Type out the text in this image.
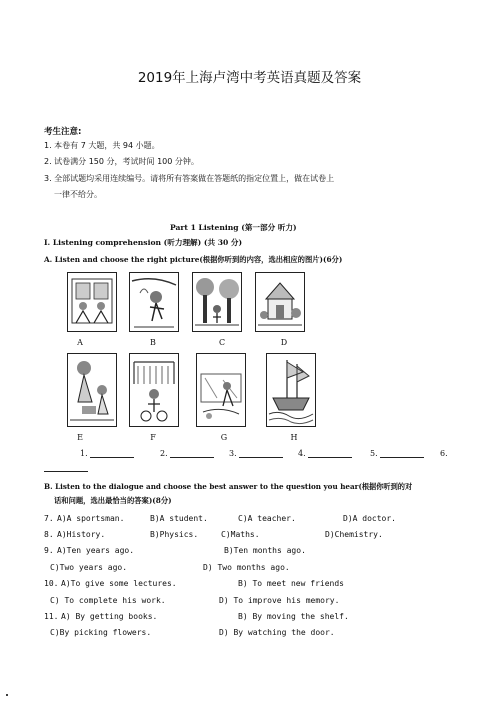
2019年上海卢湾中考英语真题及答案
考生注意:
1. 本卷有 7 大题，共 94 小题。
2. 试卷满分 150 分，考试时间 100 分钟。
3. 全部试题均采用连续编号。请将所有答案做在答题纸的指定位置上，做在试卷上
一律不给分。
Part 1 Listening (第一部分 听力)
I. Listening comprehension (听力理解) (共 30 分)
A. Listen and choose the right picture(根据你听到的内容，选出相应的图片)(6分)
A	B	C	D
E	F	G	H
1.	2.	3.	4.	5.	6.
B. Listen to the dialogue and choose the best answer to the question you hear(根据你听到的对
话和问题，选出最恰当的答案)(8分)
7. A)A sportsman.	B)A student.	C)A teacher.	D)A doctor.
8. A)History.	B)Physics.	C)Maths.	D)Chemistry.
9. A)Ten years ago.	B)Ten months ago.
C)Two years ago.	D) Two months ago.
10. A)To give some lectures.	B) To meet new friends
C) To complete his work.	D) To improve his memory.
11. A) By getting books.	B) By moving the shelf.
C)By picking flowers.	D) By watching the door.
